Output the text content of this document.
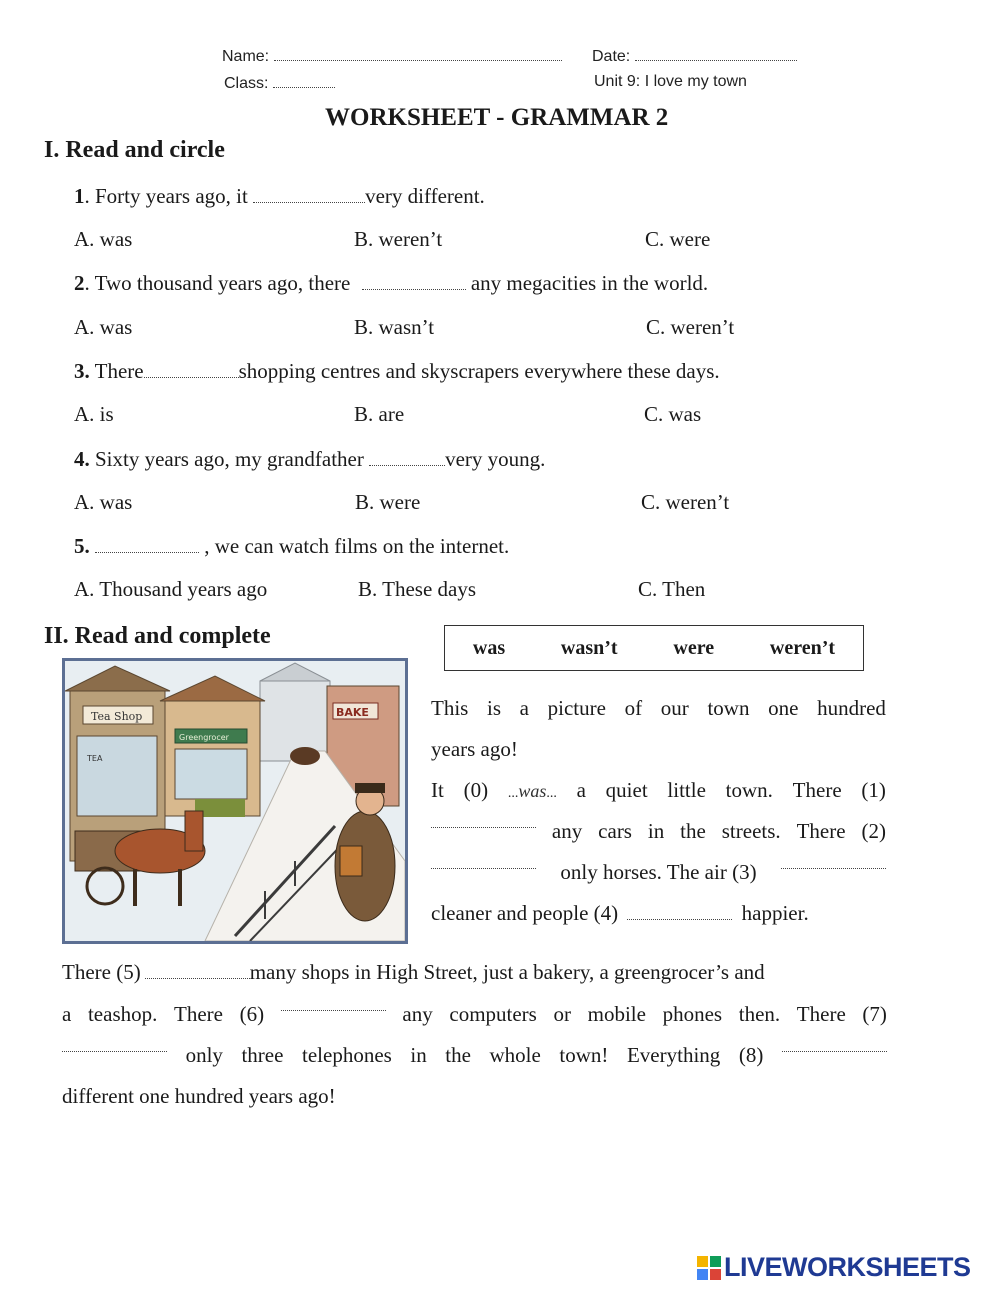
Name:	Date:
Class:	Unit 9: I love my town
WORKSHEET - GRAMMAR 2
I. Read and circle
1. Forty years ago, it	very different.
A. was	B. weren’t	C. were
2. Two thousand years ago, there	any megacities in the world.
A. was	B. wasn’t	C. weren’t
3. There	shopping centres and skyscrapers everywhere these days.
A. is	B. are	C. was
4. Sixty years ago, my grandfather	very young.
A. was	B. were	C. weren’t
5.	, we can watch films on the internet.
A. Thousand years ago	B. These days	C. Then
II. Read and complete	was	wasn’t	were	weren’t
Tea Shop
TEA
Greengrocer
BAKE	This is a picture of our town one hundred
years ago!
It (0) ...was... a quiet little town. There (1)
any cars in the streets. There (2)
only horses. The air (3)
cleaner and people (4)	happier.
There (5)	many shops in High Street, just a bakery, a greengrocer’s and
a teashop. There (6)	any computers or mobile phones then. There (7)
only three telephones in the whole town! Everything (8)
different one hundred years ago!
LIVEWORKSHEETS
